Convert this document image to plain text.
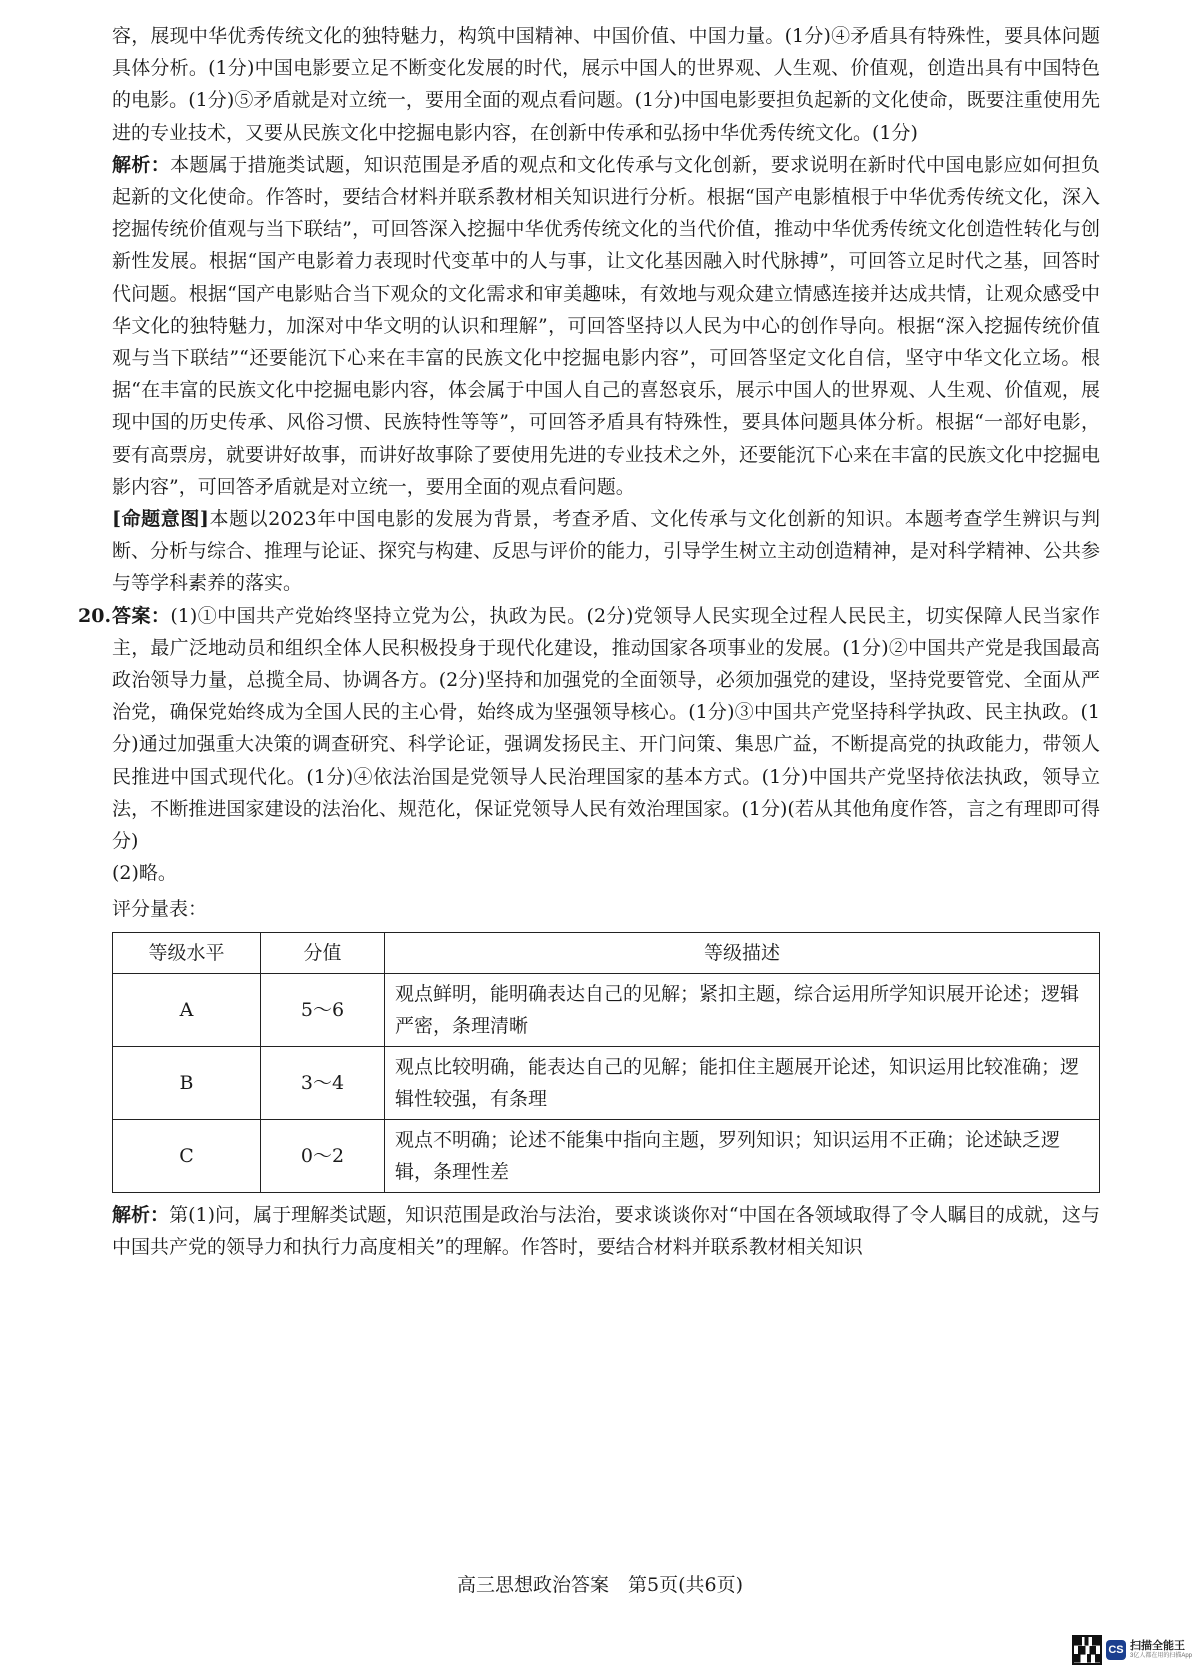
容，展现中华优秀传统文化的独特魅力，构筑中国精神、中国价值、中国力量。(1分)④矛盾具有特殊性，要具体问题具体分析。(1分)中国电影要立足不断变化发展的时代，展示中国人的世界观、人生观、价值观，创造出具有中国特色的电影。(1分)⑤矛盾就是对立统一，要用全面的观点看问题。(1分)中国电影要担负起新的文化使命，既要注重使用先进的专业技术，又要从民族文化中挖掘电影内容，在创新中传承和弘扬中华优秀传统文化。(1分)

解析：本题属于措施类试题，知识范围是矛盾的观点和文化传承与文化创新，要求说明在新时代中国电影应如何担负起新的文化使命。作答时，要结合材料并联系教材相关知识进行分析。根据“国产电影植根于中华优秀传统文化，深入挖掘传统价值观与当下联结”，可回答深入挖掘中华优秀传统文化的当代价值，推动中华优秀传统文化创造性转化与创新性发展。根据“国产电影着力表现时代变革中的人与事，让文化基因融入时代脉搏”，可回答立足时代之基，回答时代问题。根据“国产电影贴合当下观众的文化需求和审美趣味，有效地与观众建立情感连接并达成共情，让观众感受中华文化的独特魅力，加深对中华文明的认识和理解”，可回答坚持以人民为中心的创作导向。根据“深入挖掘传统价值观与当下联结”“还要能沉下心来在丰富的民族文化中挖掘电影内容”，可回答坚定文化自信，坚守中华文化立场。根据“在丰富的民族文化中挖掘电影内容，体会属于中国人自己的喜怒哀乐，展示中国人的世界观、人生观、价值观，展现中国的历史传承、风俗习惯、民族特性等等”，可回答矛盾具有特殊性，要具体问题具体分析。根据“一部好电影，要有高票房，就要讲好故事，而讲好故事除了要使用先进的专业技术之外，还要能沉下心来在丰富的民族文化中挖掘电影内容”，可回答矛盾就是对立统一，要用全面的观点看问题。

[命题意图]本题以2023年中国电影的发展为背景，考查矛盾、文化传承与文化创新的知识。本题考查学生辨识与判断、分析与综合、推理与论证、探究与构建、反思与评价的能力，引导学生树立主动创造精神，是对科学精神、公共参与等学科素养的落实。

20. 答案：(1)①中国共产党始终坚持立党为公，执政为民。(2分)党领导人民实现全过程人民民主，切实保障人民当家作主，最广泛地动员和组织全体人民积极投身于现代化建设，推动国家各项事业的发展。(1分)②中国共产党是我国最高政治领导力量，总揽全局、协调各方。(2分)坚持和加强党的全面领导，必须加强党的建设，坚持党要管党、全面从严治党，确保党始终成为全国人民的主心骨，始终成为坚强领导核心。(1分)③中国共产党坚持科学执政、民主执政。(1分)通过加强重大决策的调查研究、科学论证，强调发扬民主、开门问策、集思广益，不断提高党的执政能力，带领人民推进中国式现代化。(1分)④依法治国是党领导人民治理国家的基本方式。(1分)中国共产党坚持依法执政，领导立法，不断推进国家建设的法治化、规范化，保证党领导人民有效治理国家。(1分)(若从其他角度作答，言之有理即可得分)

(2)略。

评分量表：

等级水平	分值	等级描述
A	5～6	观点鲜明，能明确表达自己的见解；紧扣主题，综合运用所学知识展开论述；逻辑严密，条理清晰
B	3～4	观点比较明确，能表达自己的见解；能扣住主题展开论述，知识运用比较准确；逻辑性较强，有条理
C	0～2	观点不明确；论述不能集中指向主题，罗列知识；知识运用不正确；论述缺乏逻辑，条理性差

解析：第(1)问，属于理解类试题，知识范围是政治与法治，要求谈谈你对“中国在各领域取得了令人瞩目的成就，这与中国共产党的领导力和执行力高度相关”的理解。作答时，要结合材料并联系教材相关知识

高三思想政治答案　第5页(共6页)
CS 扫描全能王
3亿人都在用的扫描App
